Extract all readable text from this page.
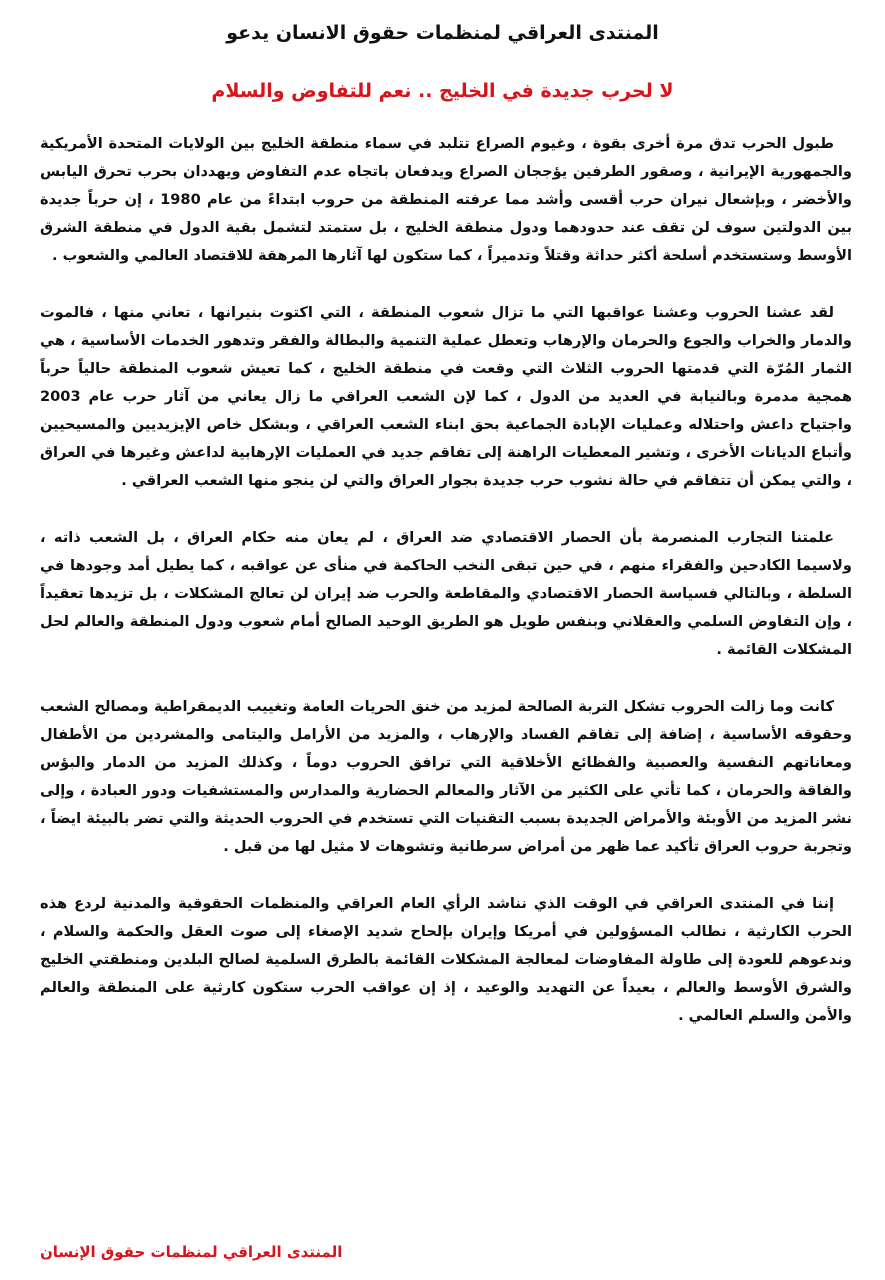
المنتدى العراقي لمنظمات حقوق الانسان يدعو
لا لحرب جديدة في الخليج .. نعم للتفاوض والسلام

طبول الحرب تدق مرة أخرى بقوة ، وغيوم الصراع تتلبد في سماء منطقة الخليج بين الولايات المتحدة الأمريكية والجمهورية الإيرانية ، وصقور الطرفين يؤججان الصراع ويدفعان باتجاه عدم التفاوض ويهددان بحرب تحرق اليابس والأخضر ، وبإشعال نيران حرب أقسى وأشد مما عرفته المنطقة من حروب ابتداءً من عام 1980 ، إن حرباً جديدة بين الدولتين سوف لن تقف عند حدودهما ودول منطقة الخليج ، بل ستمتد لتشمل بقية الدول في منطقة الشرق الأوسط وستستخدم أسلحة أكثر حداثة وقتلاً وتدميراً ، كما ستكون لها آثارها المرهقة للاقتصاد العالمي والشعوب .

لقد عشنا الحروب وعشنا عواقبها التي ما تزال شعوب المنطقة ، التي اكتوت بنيرانها ، تعاني منها ، فالموت والدمار والخراب والجوع والحرمان والإرهاب وتعطل عملية التنمية والبطالة والفقر وتدهور الخدمات الأساسية ، هي الثمار المُرّة التي قدمتها الحروب الثلاث التي وقعت في منطقة الخليج ، كما تعيش شعوب المنطقة حالياً حرباً همجية مدمرة وبالنيابة في العديد من الدول ، كما لإن الشعب العراقي ما زال يعاني من آثار حرب عام 2003 واجتياح داعش واحتلاله وعمليات الإبادة الجماعية بحق ابناء الشعب العراقي ، وبشكل خاص الإيزيديين والمسيحيين وأتباع الديانات الأخرى ، وتشير المعطيات الراهنة إلى تفاقم جديد في العمليات الإرهابية لداعش وغيرها في العراق ، والتي يمكن أن تتفاقم في حالة نشوب حرب جديدة بجوار العراق والتي لن ينجو منها الشعب العراقي .

علمتنا التجارب المنصرمة بأن الحصار الاقتصادي ضد العراق ، لم يعان منه حكام العراق ، بل الشعب ذاته ، ولاسيما الكادحين والفقراء منهم ، في حين تبقى النخب الحاكمة في منأى عن عواقبه ، كما يطيل أمد وجودها في السلطة ، وبالتالي فسياسة الحصار الاقتصادي والمقاطعة والحرب ضد إيران لن تعالج المشكلات ، بل تزيدها تعقيداً ، وإن التفاوض السلمي والعقلاني وبنفس طويل هو الطريق الوحيد الصالح أمام شعوب ودول المنطقة والعالم لحل المشكلات القائمة .

كانت وما زالت الحروب تشكل التربة الصالحة لمزيد من خنق الحريات العامة وتغييب الديمقراطية ومصالح الشعب وحقوقه الأساسية ، إضافة إلى تفاقم الفساد والإرهاب ، والمزيد من الأرامل واليتامى والمشردين من الأطفال ومعاناتهم النفسية والعصبية والفظائع الأخلاقية التي ترافق الحروب دوماً ، وكذلك المزيد من الدمار والبؤس والفاقة والحرمان ، كما تأتي على الكثير من الآثار والمعالم الحضارية والمدارس والمستشفيات ودور العبادة ، وإلى نشر المزيد من الأوبئة والأمراض الجديدة بسبب التقنيات التي تستخدم في الحروب الحديثة والتي تضر بالبيئة ايضاً ، وتجربة حروب العراق تأكيد عما ظهر من أمراض سرطانية وتشوهات لا مثيل لها من قبل .

إننا في المنتدى العراقي في الوقت الذي نناشد الرأي العام العراقي والمنظمات الحقوقية والمدنية لردع هذه الحرب الكارثية ، نطالب المسؤولين في أمريكا وإيران بإلحاح شديد الإصغاء إلى صوت العقل والحكمة والسلام ، وندعوهم للعودة إلى طاولة المفاوضات لمعالجة المشكلات القائمة بالطرق السلمية لصالح البلدين ومنطقتي الخليج والشرق الأوسط والعالم ، بعيداً عن التهديد والوعيد ، إذ إن عواقب الحرب ستكون كارثية على المنطقة والعالم والأمن والسلم العالمي .

المنتدى العراقي لمنظمات حقوق الإنسان
